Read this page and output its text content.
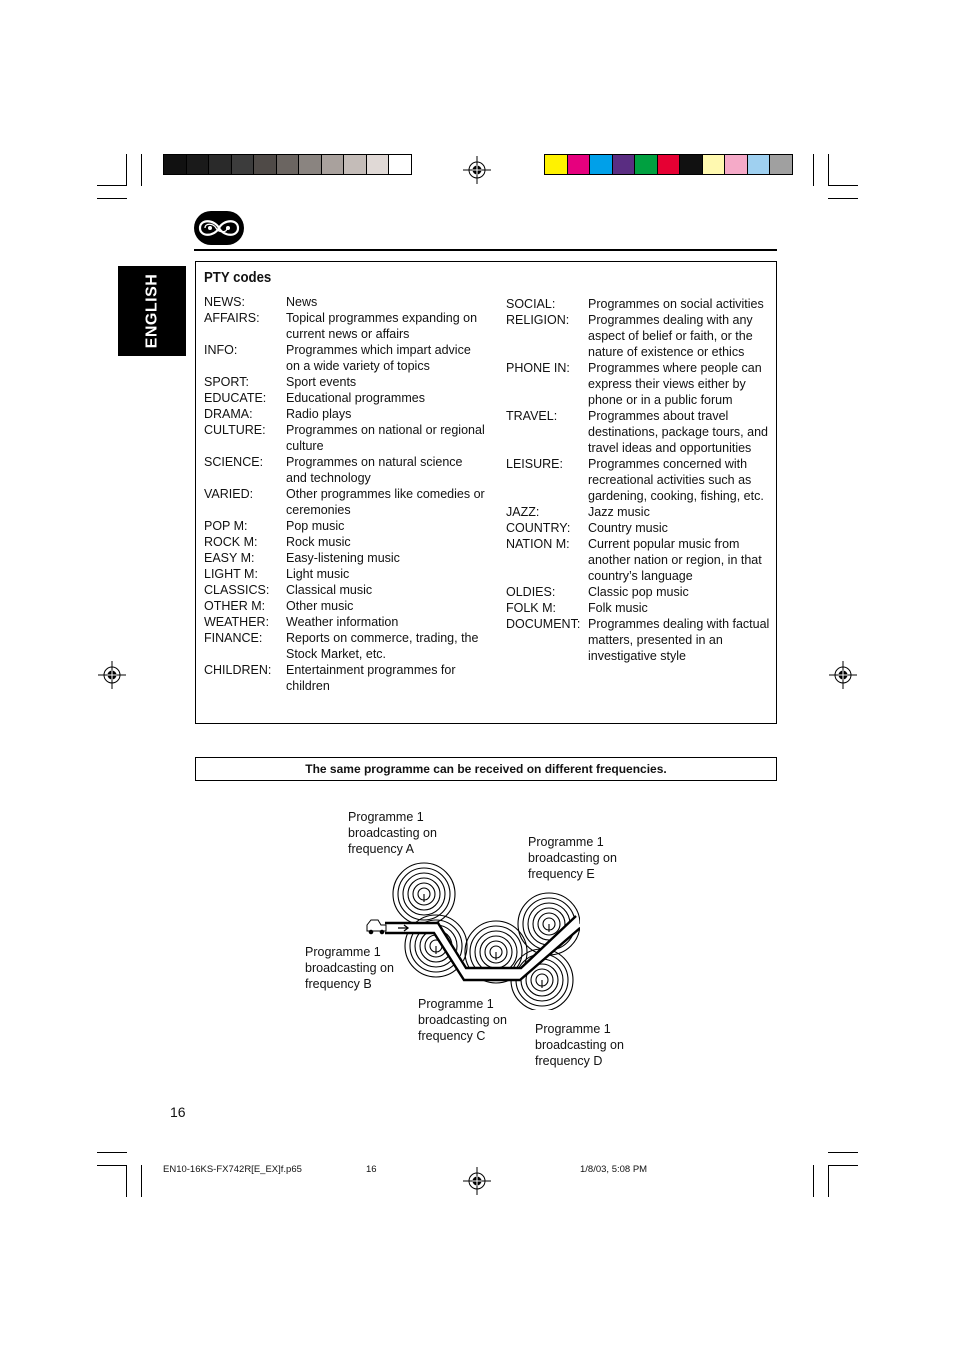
ENGLISH	PTY codes
NEWS:	News
AFFAIRS:	Topical programmes expanding on current news or affairs
INFO:	Programmes which impart advice on a wide variety of topics
SPORT:	Sport events
EDUCATE:	Educational programmes
DRAMA:	Radio plays
CULTURE:	Programmes on national or regional culture
SCIENCE:	Programmes on natural science and technology
VARIED:	Other programmes like comedies or ceremonies
POP M:	Pop music
ROCK M:	Rock music
EASY M:	Easy-listening music
LIGHT M:	Light music
CLASSICS:	Classical music
OTHER M:	Other music
WEATHER:	Weather information
FINANCE:	Reports on commerce, trading, the Stock Market, etc.
CHILDREN:	Entertainment programmes for children
SOCIAL:	Programmes on social activities
RELIGION:	Programmes dealing with any aspect of belief or faith, or the nature of existence or ethics
PHONE IN:	Programmes where people can express their views either by phone or in a public forum
TRAVEL:	Programmes about travel destinations, package tours, and travel ideas and opportunities
LEISURE:	Programmes concerned with recreational activities such as gardening, cooking, fishing, etc.
JAZZ:	Jazz music
COUNTRY:	Country music
NATION M:	Current popular music from another nation or region, in that country’s language
OLDIES:	Classic pop music
FOLK M:	Folk music
DOCUMENT: Programmes dealing with factual matters, presented in an investigative style
The same programme can be received on different frequencies.
Programme 1
broadcasting on
frequency A	Programme 1
broadcasting on
frequency E
Programme 1
broadcasting on
frequency B
Programme 1
broadcasting on
frequency C	Programme 1
broadcasting on
frequency D
16
EN10-16KS-FX742R[E_EX]f.p65	16	1/8/03, 5:08 PM
